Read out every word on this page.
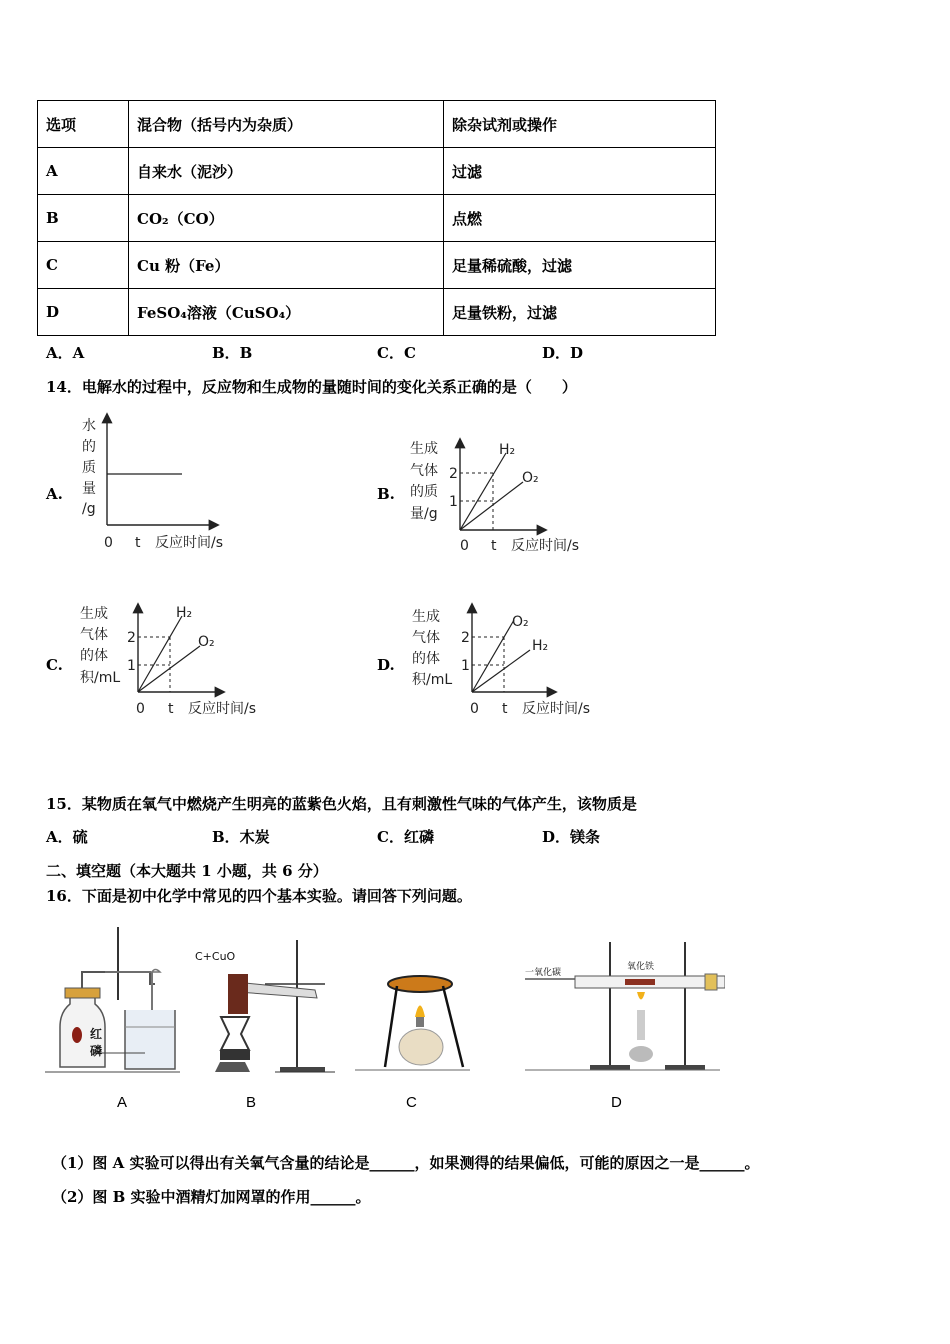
选项	混合物（括号内为杂质）	除杂试剂或操作
A	自来水（泥沙）	过滤
B	CO₂（CO）	点燃
C	Cu 粉（Fe）	足量稀硫酸，过滤
D	FeSO₄溶液（CuSO₄）	足量铁粉，过滤
A．A	B．B	C．C	D．D
14．电解水的过程中，反应物和生成物的量随时间的变化关系正确的是（　　）
A.	B.
C.	D.
水
的
质
量
/g
0 t 反应时间/s
生成
气体
的质
量/g
2
1
H₂
O₂
0 t 反应时间/s
生成
气体
的体
积/mL
2
1
H₂
O₂
0 t 反应时间/s
生成
气体
的体
积/mL
2
1
O₂
H₂
0 t 反应时间/s
15．某物质在氧气中燃烧产生明亮的蓝紫色火焰，且有刺激性气味的气体产生，该物质是
A．硫	B．木炭	C．红磷	D．镁条
二、填空题（本大题共 1 小题，共 6 分）
16．下面是初中化学中常见的四个基本实验。请回答下列问题。
红
磷
C+CuO
一氧化碳
氧化铁
A	B	C	D
（1）图 A 实验可以得出有关氧气含量的结论是______，如果测得的结果偏低，可能的原因之一是______。
（2）图 B 实验中酒精灯加网罩的作用______。
